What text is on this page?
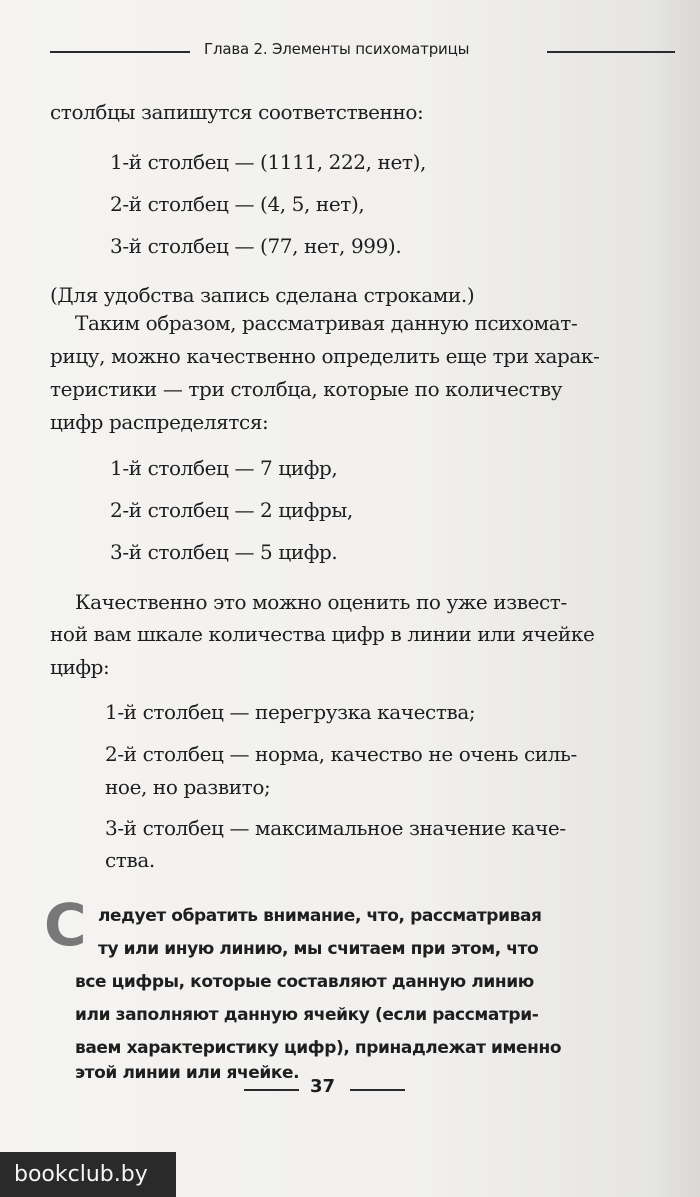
Глава 2. Элементы психоматрицы
столбцы запишутся соответственно:
1-й столбец — (1111, 222, нет),
2-й столбец — (4, 5, нет),
3-й столбец — (77, нет, 999).
(Для удобства запись сделана строками.)
Таким образом, рассматривая данную психомат-
рицу, можно качественно определить еще три харак-
теристики — три столбца, которые по количеству
цифр распределятся:
1-й столбец — 7 цифр,
2-й столбец — 2 цифры,
3-й столбец — 5 цифр.
Качественно это можно оценить по уже извест-
ной вам шкале количества цифр в линии или ячейке
цифр:
1-й столбец — перегрузка качества;
2-й столбец — норма, качество не очень силь-
ное, но развито;
3-й столбец — максимальное значение каче-
ства.
С ледует обратить внимание, что, рассматривая
ту или иную линию, мы считаем при этом, что
все цифры, которые составляют данную линию
или заполняют данную ячейку (если рассматри-
ваем характеристику цифр), принадлежат именно
этой линии или ячейке.
37
bookclub.by
